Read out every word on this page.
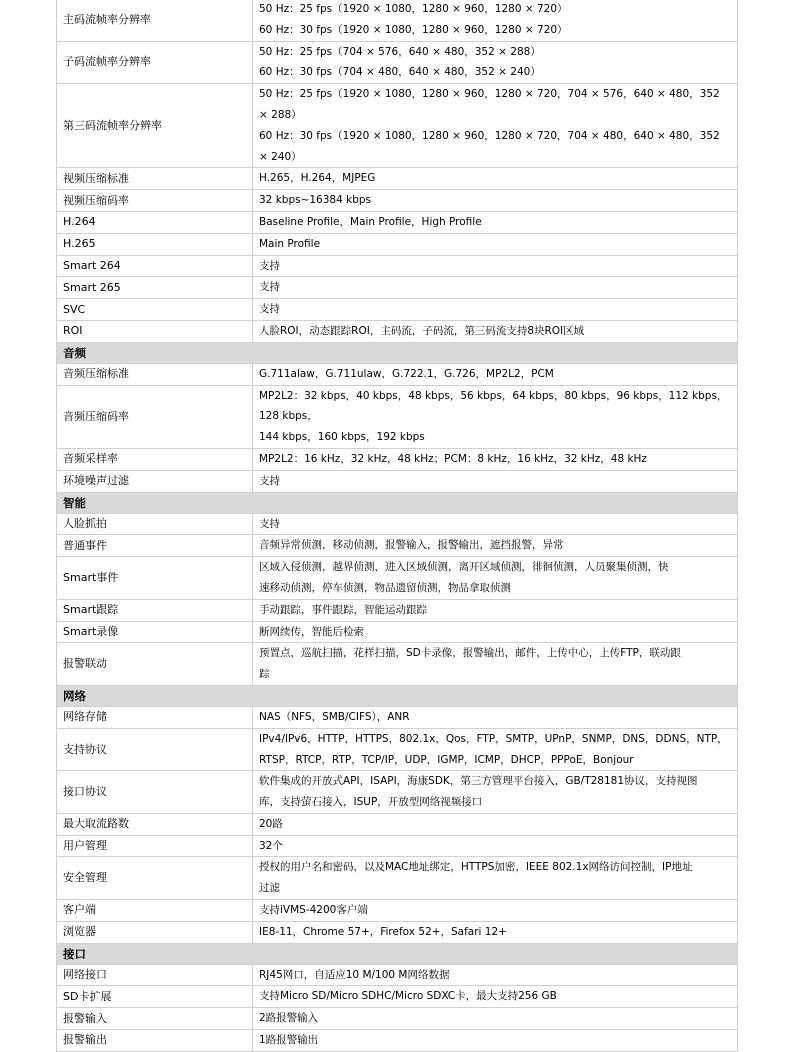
主码流帧率分辨率	50 Hz：25 fps（1920 × 1080，1280 × 960，1280 × 720）
60 Hz：30 fps（1920 × 1080，1280 × 960，1280 × 720）

子码流帧率分辨率	50 Hz：25 fps（704 × 576，640 × 480，352 × 288）
60 Hz：30 fps（704 × 480，640 × 480，352 × 240）

第三码流帧率分辨率	50 Hz：25 fps（1920 × 1080，1280 × 960，1280 × 720，704 × 576，640 × 480，352 × 288）
60 Hz：30 fps（1920 × 1080，1280 × 960，1280 × 720，704 × 480，640 × 480，352 × 240）

视频压缩标准	H.265，H.264，MJPEG

视频压缩码率	32 kbps~16384 kbps

H.264	Baseline Profile，Main Profile，High Profile

H.265	Main Profile

Smart 264	支持

Smart 265	支持

SVC	支持

ROI	人脸ROI，动态跟踪ROI，主码流，子码流，第三码流支持8块ROI区域

音频	
音频压缩标准	G.711alaw，G.711ulaw，G.722.1，G.726，MP2L2，PCM

音频压缩码率	MP2L2：32 kbps，40 kbps，48 kbps，56 kbps，64 kbps，80 kbps，96 kbps，112 kbps，128 kbps，
144 kbps，160 kbps，192 kbps

音频采样率	MP2L2：16 kHz，32 kHz，48 kHz；PCM：8 kHz，16 kHz，32 kHz，48 kHz

环境噪声过滤	支持

智能	
人脸抓拍	支持

普通事件	音频异常侦测，移动侦测，报警输入，报警输出，遮挡报警，异常

Smart事件	区域入侵侦测，越界侦测，进入区域侦测，离开区域侦测，徘徊侦测，人员聚集侦测，快
速移动侦测，停车侦测，物品遗留侦测，物品拿取侦测

Smart跟踪	手动跟踪，事件跟踪，智能运动跟踪

Smart录像	断网续传，智能后检索

报警联动	预置点，巡航扫描，花样扫描，SD卡录像，报警输出，邮件，上传中心，上传FTP，联动跟
踪

网络	
网络存储	NAS（NFS，SMB/CIFS），ANR

支持协议	IPv4/IPv6，HTTP，HTTPS，802.1x，Qos，FTP，SMTP，UPnP，SNMP，DNS，DDNS，NTP，
RTSP，RTCP，RTP，TCP/IP，UDP，IGMP，ICMP，DHCP，PPPoE，Bonjour

接口协议	软件集成的开放式API，ISAPI，海康SDK，第三方管理平台接入，GB/T28181协议，支持视图
库，支持萤石接入，ISUP，开放型网络视频接口

最大取流路数	20路

用户管理	32个

安全管理	授权的用户名和密码，以及MAC地址绑定，HTTPS加密，IEEE 802.1x网络访问控制，IP地址
过滤

客户端	支持iVMS-4200客户端

浏览器	IE8-11，Chrome 57+，Firefox 52+，Safari 12+

接口	
网络接口	RJ45网口，自适应10 M/100 M网络数据

SD卡扩展	支持Micro SD/Micro SDHC/Micro SDXC卡，最大支持256 GB

报警输入	2路报警输入

报警输出	1路报警输出
